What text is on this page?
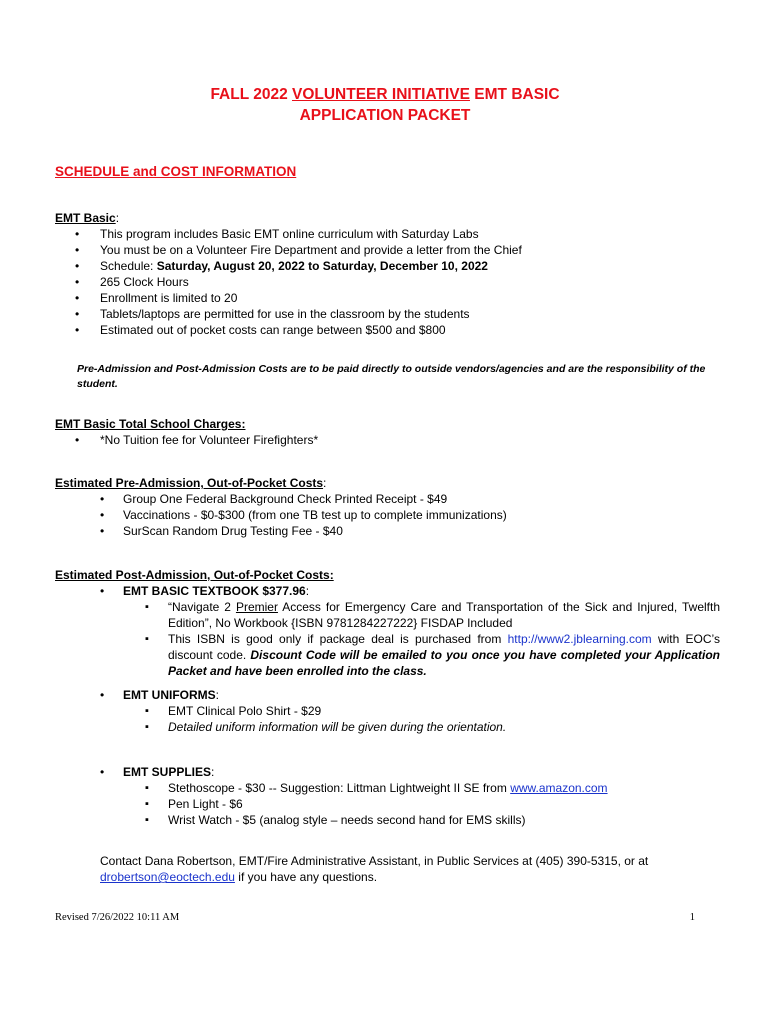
FALL 2022 VOLUNTEER INITIATIVE EMT BASIC
APPLICATION PACKET
SCHEDULE and COST INFORMATION
EMT Basic:
• This program includes Basic EMT online curriculum with Saturday Labs
• You must be on a Volunteer Fire Department and provide a letter from the Chief
• Schedule: Saturday, August 20, 2022 to Saturday, December 10, 2022
• 265 Clock Hours
• Enrollment is limited to 20
• Tablets/laptops are permitted for use in the classroom by the students
• Estimated out of pocket costs can range between $500 and $800
Pre-Admission and Post-Admission Costs are to be paid directly to outside vendors/agencies and are the responsibility of the student.
EMT Basic Total School Charges:
• *No Tuition fee for Volunteer Firefighters*
Estimated Pre-Admission, Out-of-Pocket Costs:
• Group One Federal Background Check Printed Receipt - $49
• Vaccinations - $0-$300 (from one TB test up to complete immunizations)
• SurScan Random Drug Testing Fee - $40
Estimated Post-Admission, Out-of-Pocket Costs:
• EMT BASIC TEXTBOOK $377.96:
▪ “Navigate 2 Premier Access for Emergency Care and Transportation of the Sick and Injured, Twelfth Edition”, No Workbook {ISBN 9781284227222} FISDAP Included
▪ This ISBN is good only if package deal is purchased from http://www2.jblearning.com with EOC’s discount code. Discount Code will be emailed to you once you have completed your Application Packet and have been enrolled into the class.
• EMT UNIFORMS:
▪ EMT Clinical Polo Shirt - $29
▪ Detailed uniform information will be given during the orientation.
• EMT SUPPLIES:
▪ Stethoscope - $30 -- Suggestion: Littman Lightweight II SE from www.amazon.com
▪ Pen Light - $6
▪ Wrist Watch - $5 (analog style – needs second hand for EMS skills)
Contact Dana Robertson, EMT/Fire Administrative Assistant, in Public Services at (405) 390-5315, or at drobertson@eoctech.edu if you have any questions.
Revised 7/26/2022 10:11 AM	1
